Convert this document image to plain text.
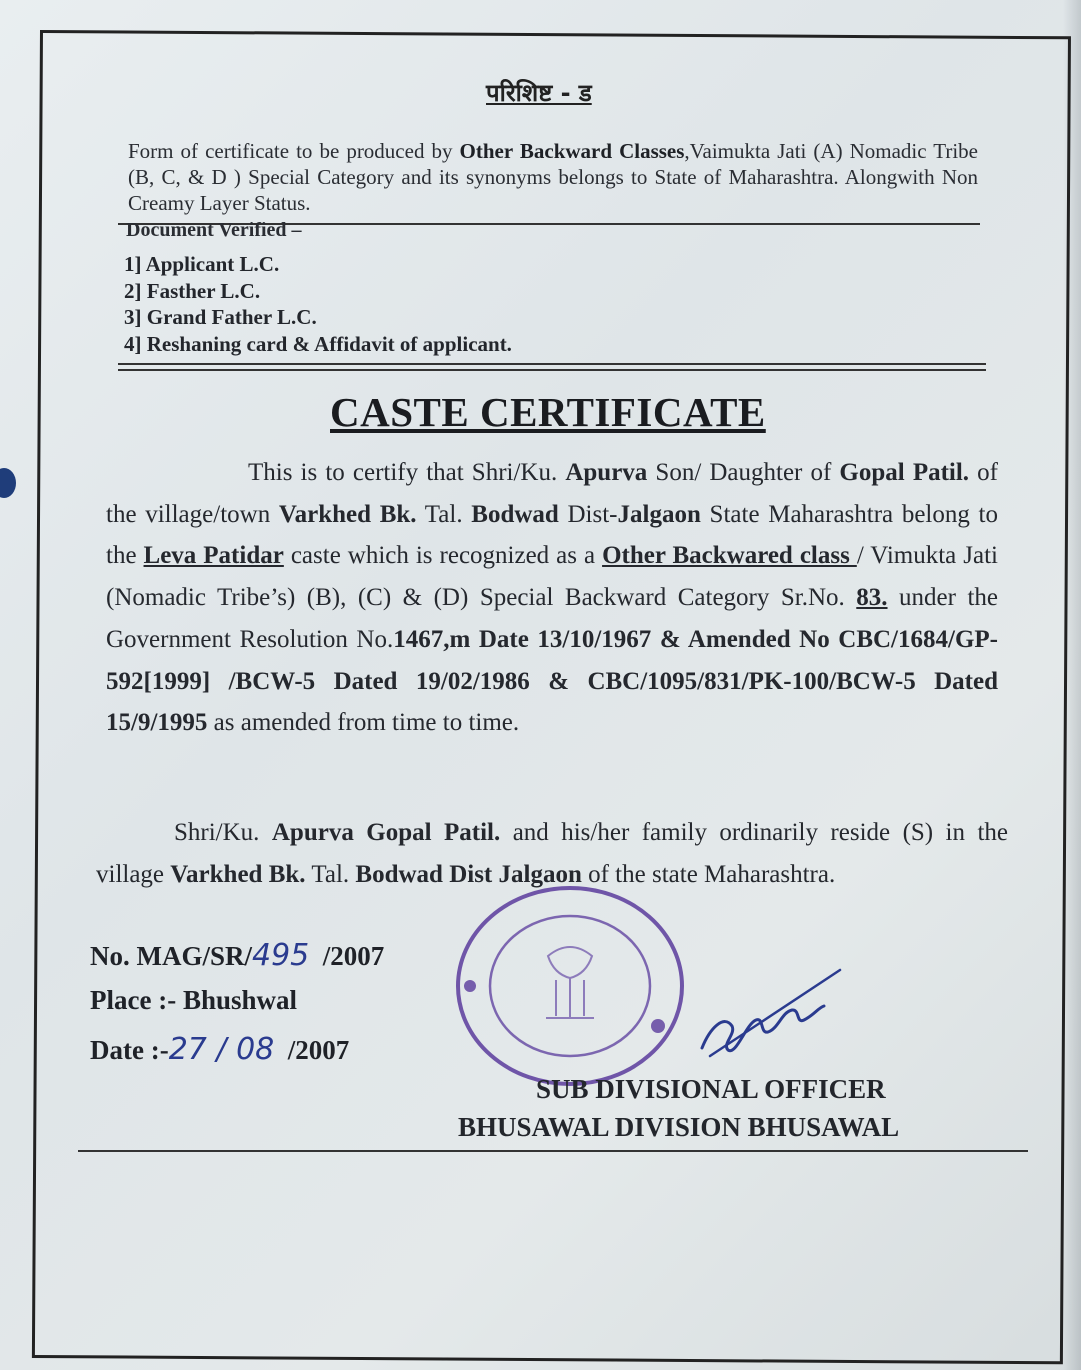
परिशिष्ट - ड
Form of certificate to be produced by Other Backward Classes,Vaimukta Jati (A) Nomadic Tribe (B, C, & D ) Special Category and its synonyms belongs to State of Maharashtra. Alongwith Non Creamy Layer Status.
Document Verified –
1] Applicant L.C.
2] Fasther L.C.
3] Grand Father L.C.
4] Reshaning card & Affidavit of applicant.
CASTE CERTIFICATE
This is to certify that Shri/Ku. Apurva Son/ Daughter of Gopal Patil. of the village/town Varkhed Bk. Tal. Bodwad Dist-Jalgaon State Maharashtra belong to the Leva Patidar caste which is recognized as a Other Backwared class / Vimukta Jati (Nomadic Tribe’s) (B), (C) & (D) Special Backward Category Sr.No. 83. under the Government Resolution No.1467,m Date 13/10/1967 & Amended No CBC/1684/GP-592[1999] /BCW-5 Dated 19/02/1986 & CBC/1095/831/PK-100/BCW-5 Dated 15/9/1995 as amended from time to time.
Shri/Ku. Apurva Gopal Patil. and his/her family ordinarily reside (S) in the village Varkhed Bk. Tal. Bodwad Dist Jalgaon of the state Maharashtra.
No. MAG/SR/495 /2007
Place :- Bhushwal
Date :-27 / 08 /2007
SUB DIVISIONAL OFFICER
BHUSAWAL DIVISION BHUSAWAL
